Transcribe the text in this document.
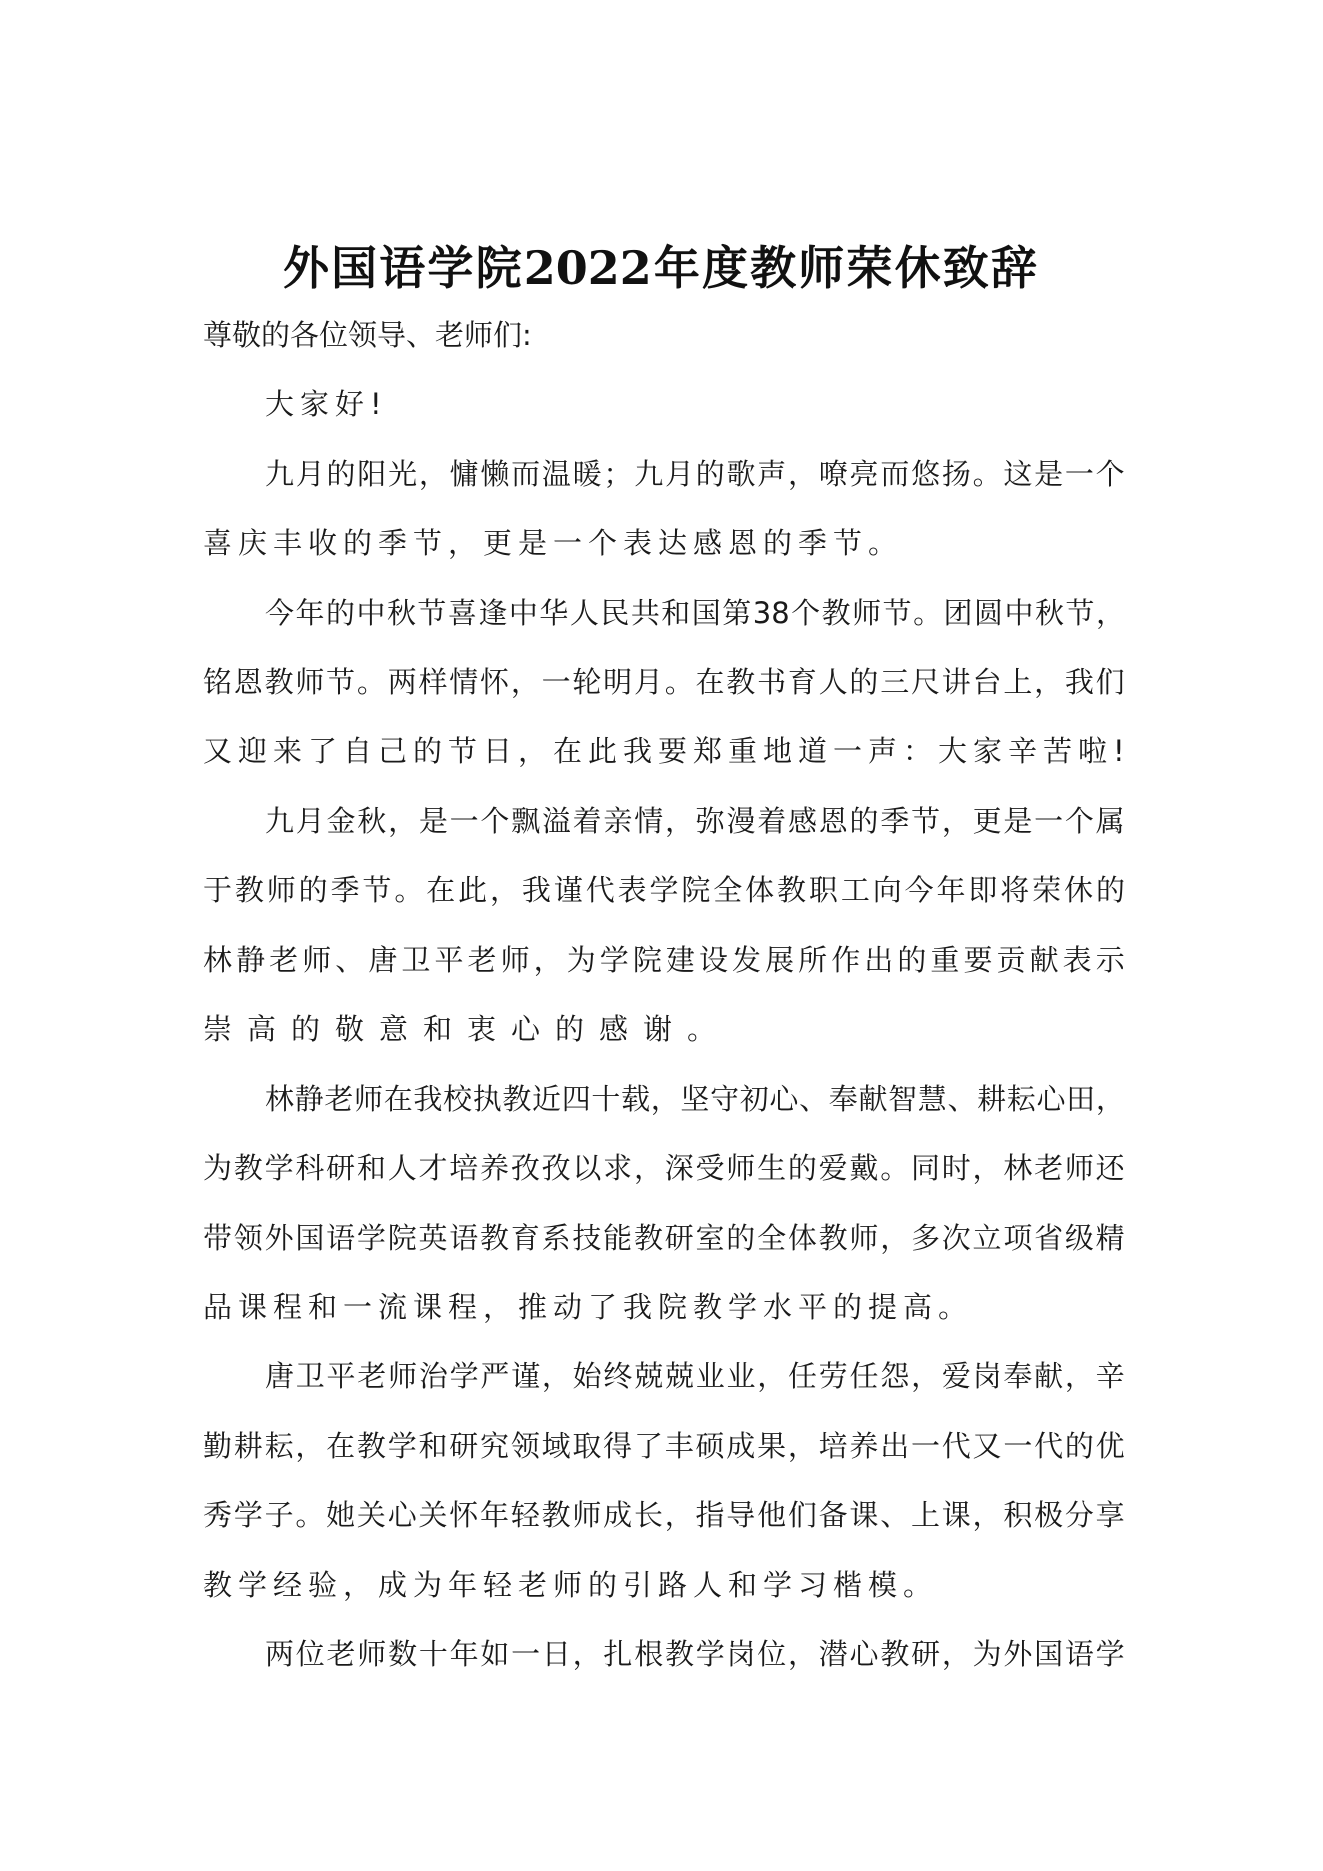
外 国 语 学 院 2022 年 度 教 师 荣 休 致 辞
尊敬的各位领导、老师们:
大家好!
九 月 的 阳 光 ， 慵 懒 而 温 暖 ； 九 月 的 歌 声 ， 嘹 亮 而 悠 扬 。 这 是 一 个
喜庆丰收的季节，更是一个表达感恩的季节。
今 年 的 中 秋 节 喜 逢 中 华 人 民 共 和 国 第 38 个 教 师 节 。 团 圆 中 秋 节 ，
铭 恩 教 师 节 。 两 样 情 怀 ， 一 轮 明 月 。 在 教 书 育 人 的 三 尺 讲 台 上 ， 我 们
又迎来了自己的节日，在此我要郑重地道一声：大家辛苦啦!
九 月 金 秋 ， 是 一 个 飘 溢 着 亲 情 ， 弥 漫 着 感 恩 的 季 节 ， 更 是 一 个 属
于 教 师 的 季 节 。 在 此 ， 我 谨 代 表 学 院 全 体 教 职 工 向 今 年 即 将 荣 休 的
林 静 老 师 、 唐 卫 平 老 师 ， 为 学 院 建 设 发 展 所 作 出 的 重 要 贡 献 表 示
崇高的敬意和衷心的感谢。
林 静 老 师 在 我 校 执 教 近 四 十 载 ， 坚 守 初 心 、 奉 献 智 慧 、 耕 耘 心 田 ，
为 教 学 科 研 和 人 才 培 养 孜 孜 以 求 ， 深 受 师 生 的 爱 戴 。 同 时 ， 林 老 师 还
带 领 外 国 语 学 院 英 语 教 育 系 技 能 教 研 室 的 全 体 教 师 ， 多 次 立 项 省 级 精
品课程和一流课程，推动了我院教学水平的提高。
唐 卫 平 老 师 治 学 严 谨 ， 始 终 兢 兢 业 业 ， 任 劳 任 怨 ， 爱 岗 奉 献 ， 辛
勤 耕 耘 ， 在 教 学 和 研 究 领 域 取 得 了 丰 硕 成 果 ， 培 养 出 一 代 又 一 代 的 优
秀 学 子 。 她 关 心 关 怀 年 轻 教 师 成 长 ， 指 导 他 们 备 课 、 上 课 ， 积 极 分 享
教学经验，成为年轻老师的引路人和学习楷模。
两 位 老 师 数 十 年 如 一 日 ， 扎 根 教 学 岗 位 ， 潜 心 教 研 ， 为 外 国 语 学
